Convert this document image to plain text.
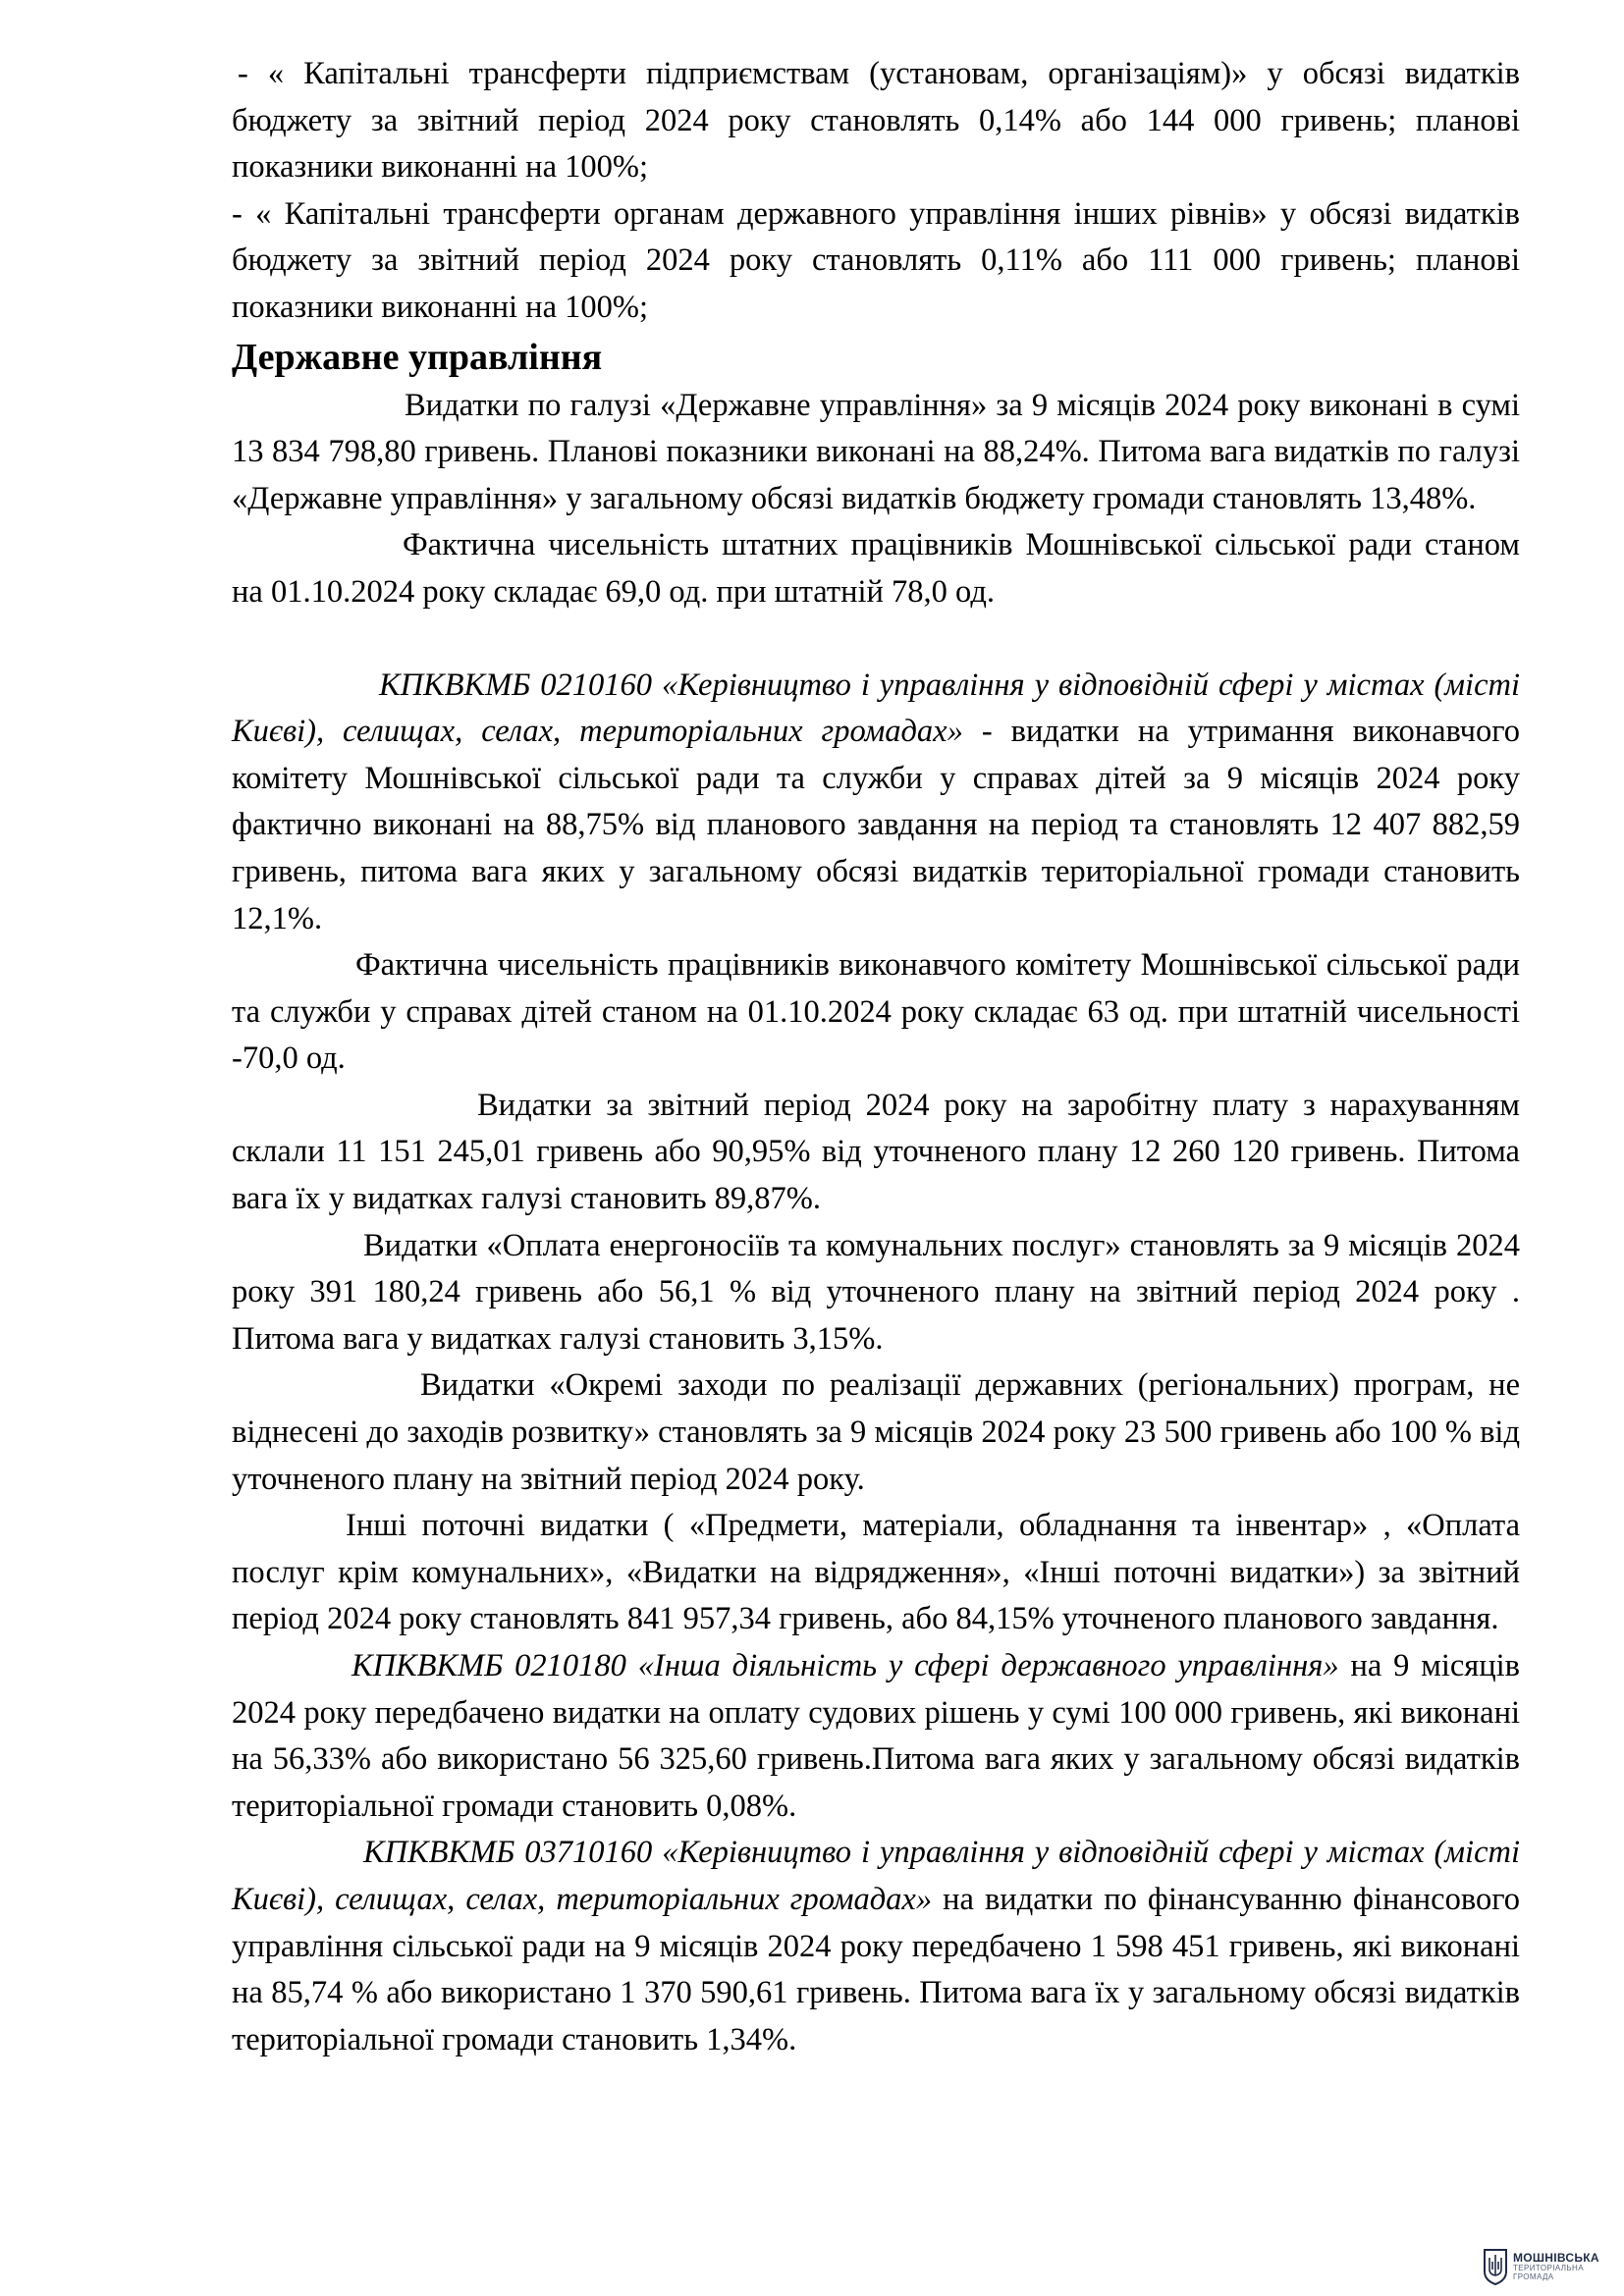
- « Капітальні трансферти підприємствам (установам, організаціям)» у обсязі видатків бюджету за звітний період 2024 року становлять 0,14% або 144 000 гривень; планові показники виконанні на 100%;

- « Капітальні трансферти органам державного управління інших рівнів» у обсязі видатків бюджету за звітний період 2024 року становлять 0,11% або 111 000 гривень; планові показники виконанні на 100%;

Державне управління

Видатки по галузі «Державне управління» за 9 місяців 2024 року виконані в сумі 13 834 798,80 гривень. Планові показники виконані на 88,24%. Питома вага видатків по галузі «Державне управління» у загальному обсязі видатків бюджету громади становлять 13,48%.

Фактична чисельність штатних працівників Мошнівської сільської ради станом на 01.10.2024 року складає 69,0 од. при штатній 78,0 од.

КПКВКМБ 0210160 «Керівництво і управління у відповідній сфері у містах (місті Києві), селищах, селах, територіальних громадах» - видатки на утримання виконавчого комітету Мошнівської сільської ради та служби у справах дітей за 9 місяців 2024 року фактично виконані на 88,75% від планового завдання на період та становлять 12 407 882,59 гривень, питома вага яких у загальному обсязі видатків територіальної громади становить 12,1%.

Фактична чисельність працівників виконавчого комітету Мошнівської сільської ради та служби у справах дітей станом на 01.10.2024 року складає 63 од. при штатній чисельності -70,0 од.

Видатки за звітний період 2024 року на заробітну плату з нарахуванням склали 11 151 245,01 гривень або 90,95% від уточненого плану 12 260 120 гривень. Питома вага їх у видатках галузі становить 89,87%.

Видатки «Оплата енергоносіїв та комунальних послуг» становлять за 9 місяців 2024 року 391 180,24 гривень або 56,1 % від уточненого плану на звітний період 2024 року . Питома вага у видатках галузі становить 3,15%.

Видатки «Окремі заходи по реалізації державних (регіональних) програм, не віднесені до заходів розвитку» становлять за 9 місяців 2024 року 23 500 гривень або 100 % від уточненого плану на звітний період 2024 року.

Інші поточні видатки ( «Предмети, матеріали, обладнання та інвентар» , «Оплата послуг крім комунальних», «Видатки на відрядження», «Інші поточні видатки») за звітний період 2024 року становлять 841 957,34 гривень, або 84,15% уточненого планового завдання.

КПКВКМБ 0210180 «Інша діяльність у сфері державного управління» на 9 місяців 2024 року передбачено видатки на оплату судових рішень у сумі 100 000 гривень, які виконані на 56,33% або використано 56 325,60 гривень.Питома вага яких у загальному обсязі видатків територіальної громади становить 0,08%.

КПКВКМБ 03710160 «Керівництво і управління у відповідній сфері у містах (місті Києві), селищах, селах, територіальних громадах» на видатки по фінансуванню фінансового управління сільської ради на 9 місяців 2024 року передбачено 1 598 451 гривень, які виконані на 85,74 % або використано 1 370 590,61 гривень. Питома вага їх у загальному обсязі видатків територіальної громади становить 1,34%.

МОШНІВСЬКА
ТЕРИТОРІАЛЬНА
ГРОМАДА
